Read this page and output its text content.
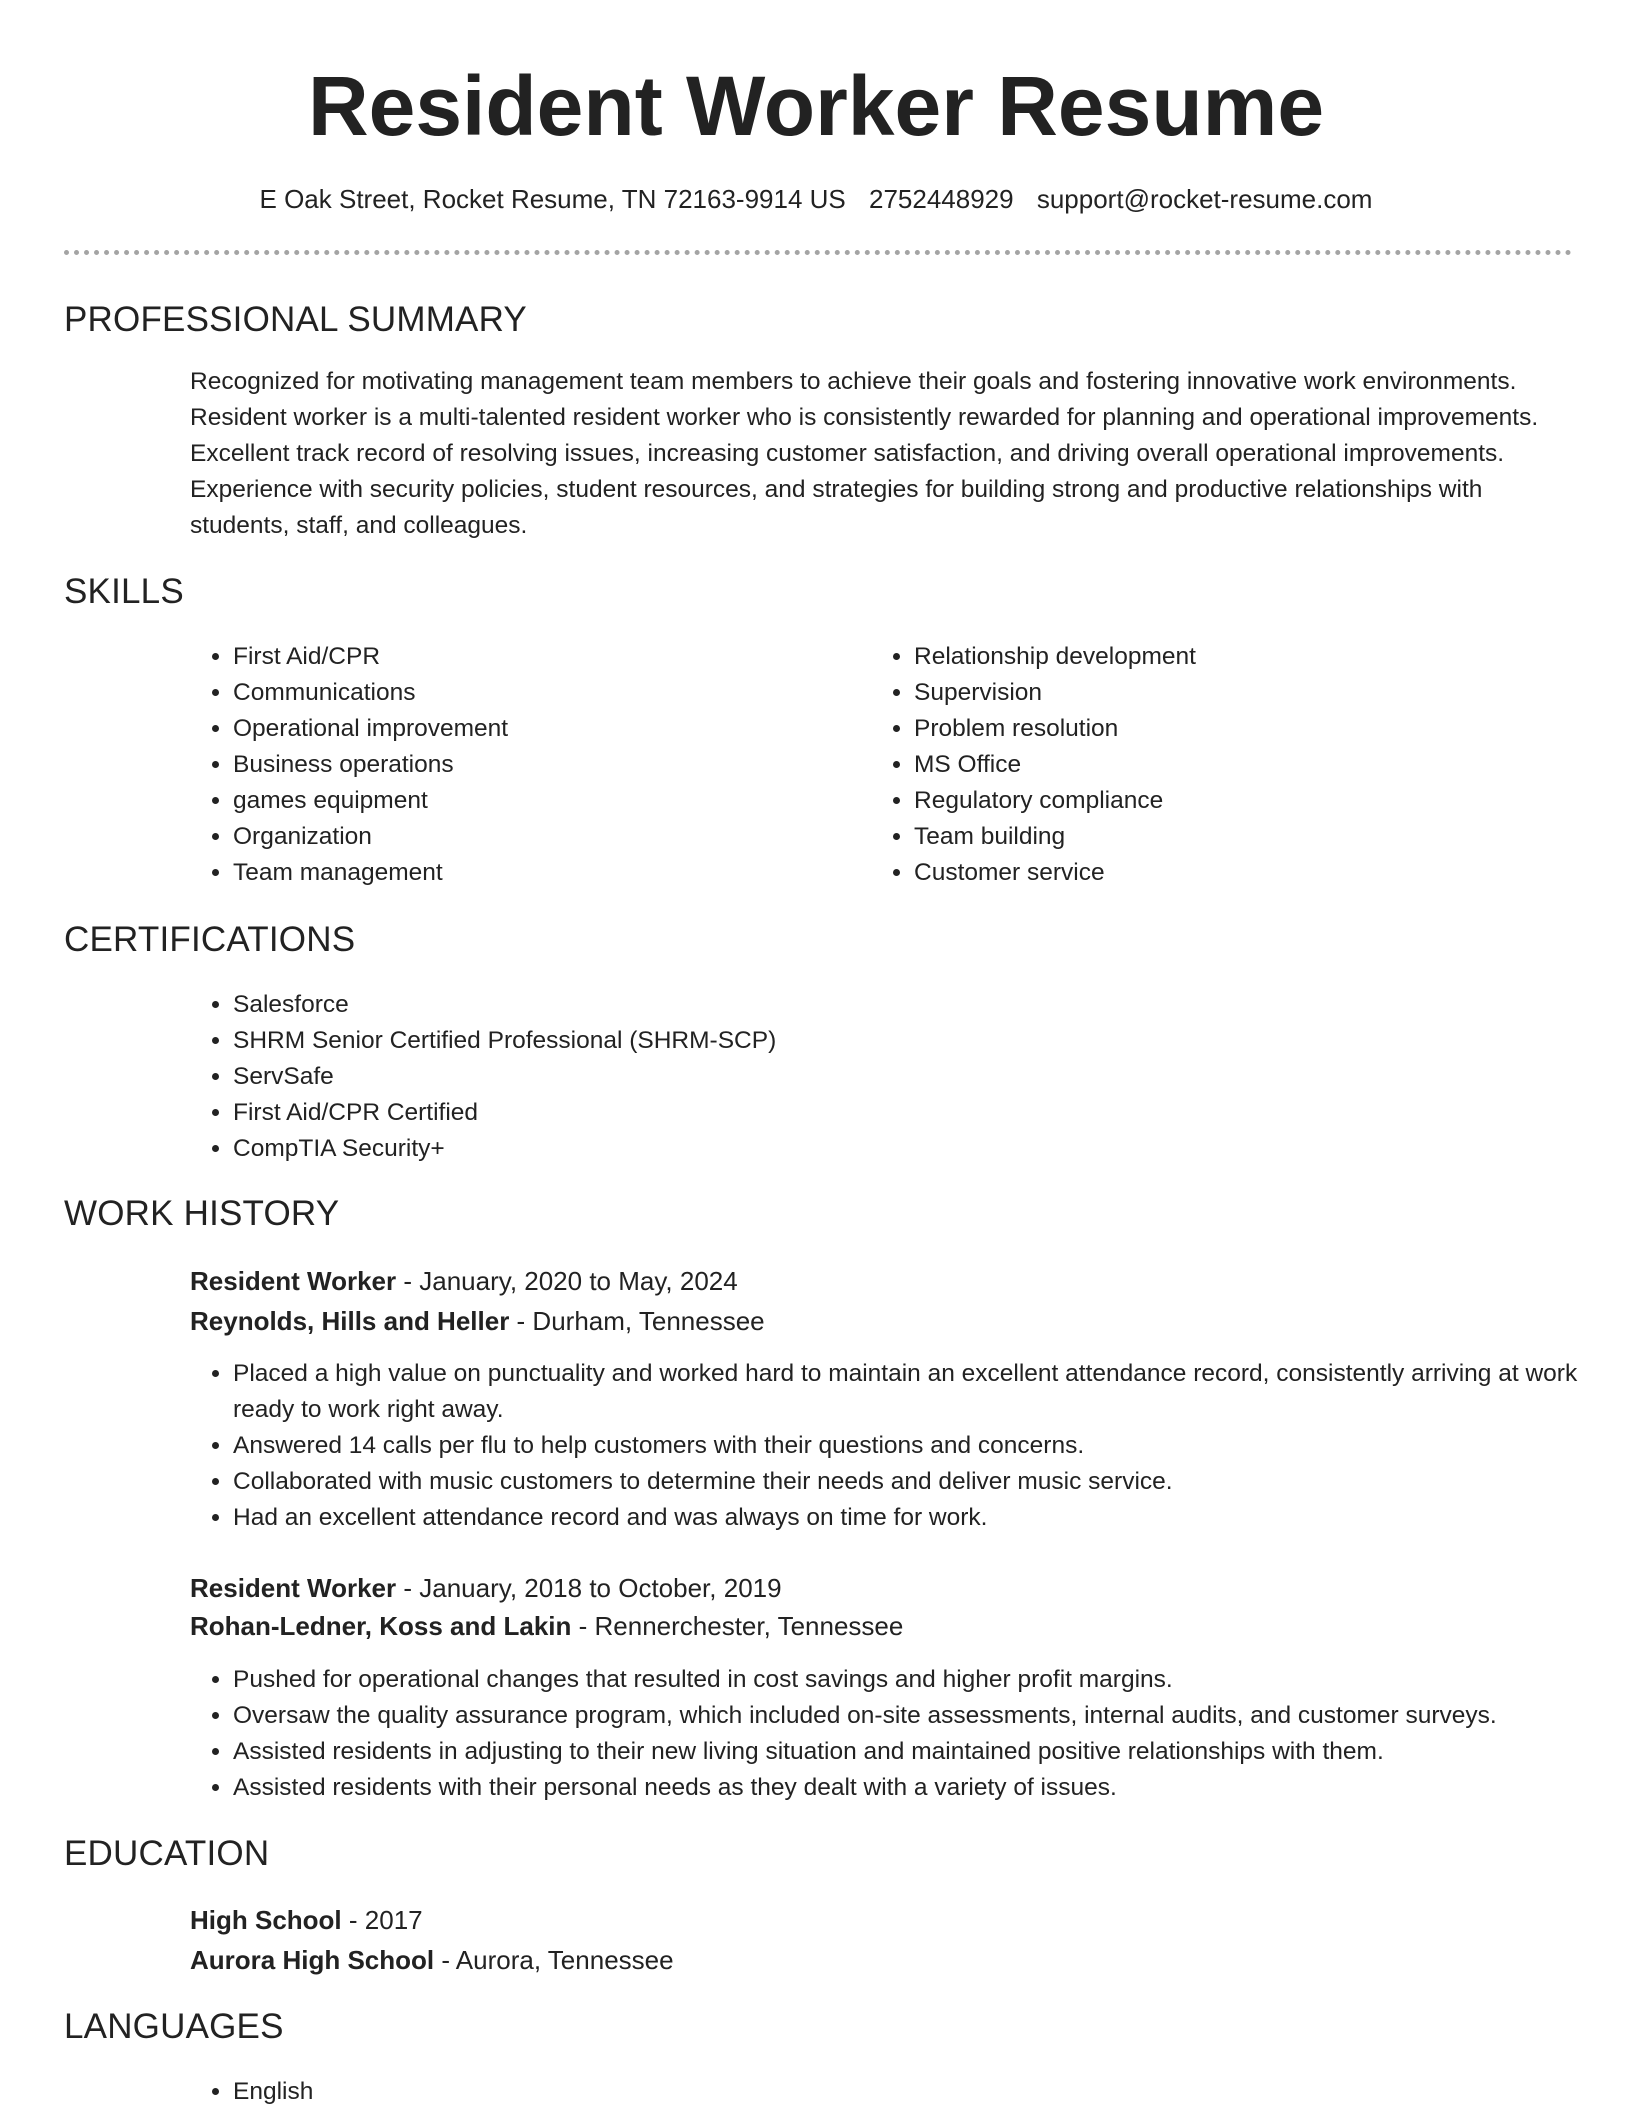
Resident Worker Resume
E Oak Street, Rocket Resume, TN 72163-9914 US 2752448929 support@rocket-resume.com
PROFESSIONAL SUMMARY

Recognized for motivating management team members to achieve their goals and fostering innovative work environments. Resident worker is a multi-talented resident worker who is consistently rewarded for planning and operational improvements. Excellent track record of resolving issues, increasing customer satisfaction, and driving overall operational improvements. Experience with security policies, student resources, and strategies for building strong and productive relationships with students, staff, and colleagues.

SKILLS
• First Aid/CPR
• Communications
• Operational improvement
• Business operations
• games equipment
• Organization
• Team management
• Relationship development
• Supervision
• Problem resolution
• MS Office
• Regulatory compliance
• Team building
• Customer service
CERTIFICATIONS
• Salesforce
• SHRM Senior Certified Professional (SHRM-SCP)
• ServSafe
• First Aid/CPR Certified
• CompTIA Security+
WORK HISTORY
Resident Worker - January, 2020 to May, 2024
Reynolds, Hills and Heller - Durham, Tennessee
• Placed a high value on punctuality and worked hard to maintain an excellent attendance record, consistently arriving at work ready to work right away.
• Answered 14 calls per flu to help customers with their questions and concerns.
• Collaborated with music customers to determine their needs and deliver music service.
• Had an excellent attendance record and was always on time for work.
Resident Worker - January, 2018 to October, 2019
Rohan-Ledner, Koss and Lakin - Rennerchester, Tennessee
• Pushed for operational changes that resulted in cost savings and higher profit margins.
• Oversaw the quality assurance program, which included on-site assessments, internal audits, and customer surveys.
• Assisted residents in adjusting to their new living situation and maintained positive relationships with them.
• Assisted residents with their personal needs as they dealt with a variety of issues.
EDUCATION
High School - 2017
Aurora High School - Aurora, Tennessee
LANGUAGES
• English
